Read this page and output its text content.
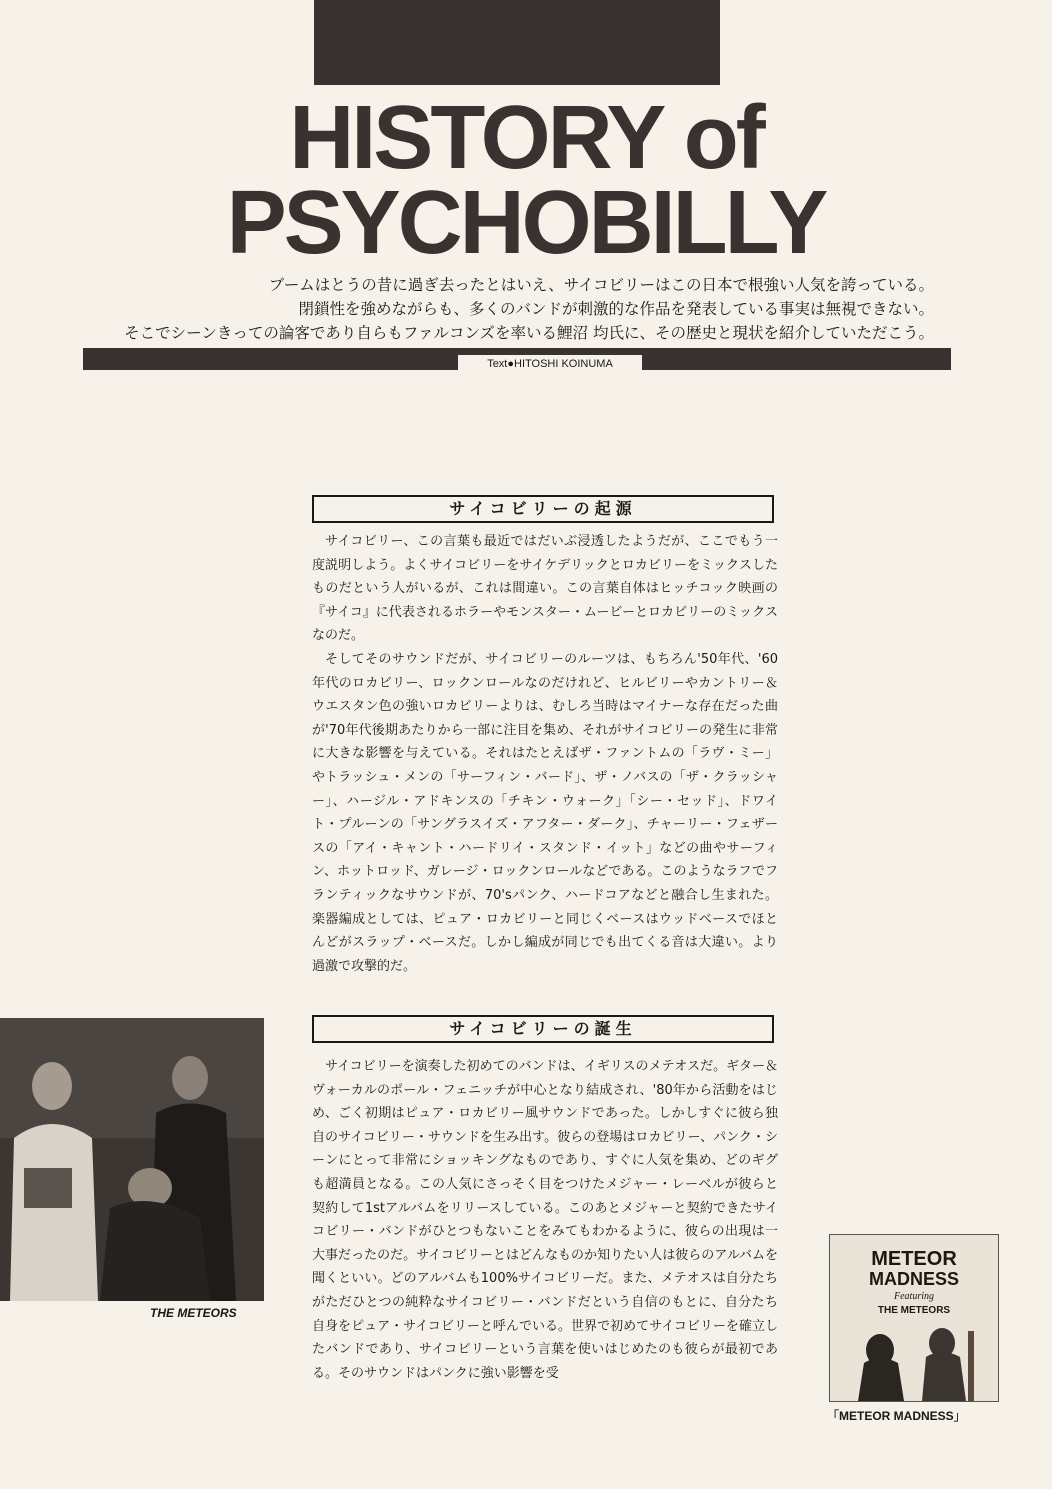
HISTORY of
PSYCHOBILLY

ブームはとうの昔に過ぎ去ったとはいえ、サイコビリーはこの日本で根強い人気を誇っている。

閉鎖性を強めながらも、多くのバンドが刺激的な作品を発表している事実は無視できない。

そこでシーンきっての論客であり自らもファルコンズを率いる鯉沼 均氏に、その歴史と現状を紹介していただこう。

Text●HITOSHI KOINUMA
サイコビリーの起源

サイコビリー、この言葉も最近ではだいぶ浸透したようだが、ここでもう一度説明しよう。よくサイコビリーをサイケデリックとロカビリーをミックスしたものだという人がいるが、これは間違い。この言葉自体はヒッチコック映画の『サイコ』に代表されるホラーやモンスター・ムービーとロカビリーのミックスなのだ。

そしてそのサウンドだが、サイコビリーのルーツは、もちろん'50年代、'60年代のロカビリー、ロックンロールなのだけれど、ヒルビリーやカントリー＆ウエスタン色の強いロカビリーよりは、むしろ当時はマイナーな存在だった曲が'70年代後期あたりから一部に注目を集め、それがサイコビリーの発生に非常に大きな影響を与えている。それはたとえばザ・ファントムの「ラヴ・ミー」やトラッシュ・メンの「サーフィン・バード」、ザ・ノバスの「ザ・クラッシャー」、ハージル・アドキンスの「チキン・ウォーク」「シー・セッド」、ドワイト・プルーンの「サングラスイズ・アフター・ダーク」、チャーリー・フェザースの「アイ・キャント・ハードリイ・スタンド・イット」などの曲やサーフィン、ホットロッド、ガレージ・ロックンロールなどである。このようなラフでフランティックなサウンドが、70'sパンク、ハードコアなどと融合し生まれた。楽器編成としては、ピュア・ロカビリーと同じくベースはウッドベースでほとんどがスラップ・ベースだ。しかし編成が同じでも出てくる音は大違い。より過激で攻撃的だ。

サイコビリーの誕生

サイコビリーを演奏した初めてのバンドは、イギリスのメテオスだ。ギター＆ヴォーカルのポール・フェニッチが中心となり結成され、'80年から活動をはじめ、ごく初期はピュア・ロカビリー風サウンドであった。しかしすぐに彼ら独自のサイコビリー・サウンドを生み出す。彼らの登場はロカビリー、パンク・シーンにとって非常にショッキングなものであり、すぐに人気を集め、どのギグも超満員となる。この人気にさっそく目をつけたメジャー・レーベルが彼らと契約して1stアルバムをリリースしている。このあとメジャーと契約できたサイコビリー・バンドがひとつもないことをみてもわかるように、彼らの出現は一大事だったのだ。サイコビリーとはどんなものか知りたい人は彼らのアルバムを聞くといい。どのアルバムも100%サイコビリーだ。また、メテオスは自分たちがただひとつの純粋なサイコビリー・バンドだという自信のもとに、自分たち自身をピュア・サイコビリーと呼んでいる。世界で初めてサイコビリーを確立したバンドであり、サイコビリーという言葉を使いはじめたのも彼らが最初である。そのサウンドはパンクに強い影響を受

THE METEORS
METEOR
MADNESS
Featuring
THE METEORS
「METEOR MADNESS」
